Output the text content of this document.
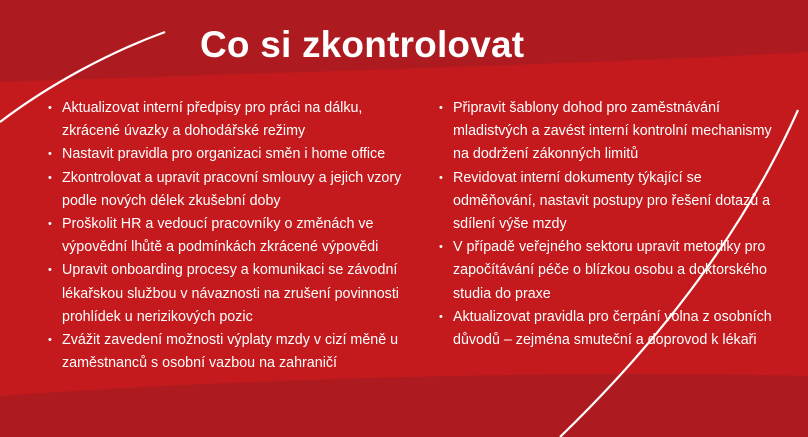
Co si zkontrolovat
• Aktualizovat interní předpisy pro práci na dálku, zkrácené úvazky a dohodářské režimy
• Nastavit pravidla pro organizaci směn i home office
• Zkontrolovat a upravit pracovní smlouvy a jejich vzory podle nových délek zkušební doby
• Proškolit HR a vedoucí pracovníky o změnách ve výpovědní lhůtě a podmínkách zkrácené výpovědi
• Upravit onboarding procesy a komunikaci se závodní lékařskou službou v návaznosti na zrušení povinnosti prohlídek u nerizikových pozic
• Zvážit zavedení možnosti výplaty mzdy v cizí měně u zaměstnanců s osobní vazbou na zahraničí
• Připravit šablony dohod pro zaměstnávání mladistvých a zavést interní kontrolní mechanismy na dodržení zákonných limitů
• Revidovat interní dokumenty týkající se odměňování, nastavit postupy pro řešení dotazů a sdílení výše mzdy
• V případě veřejného sektoru upravit metodiky pro započítávání péče o blízkou osobu a doktorského studia do praxe
• Aktualizovat pravidla pro čerpání volna z osobních důvodů – zejména smuteční a doprovod k lékaři
